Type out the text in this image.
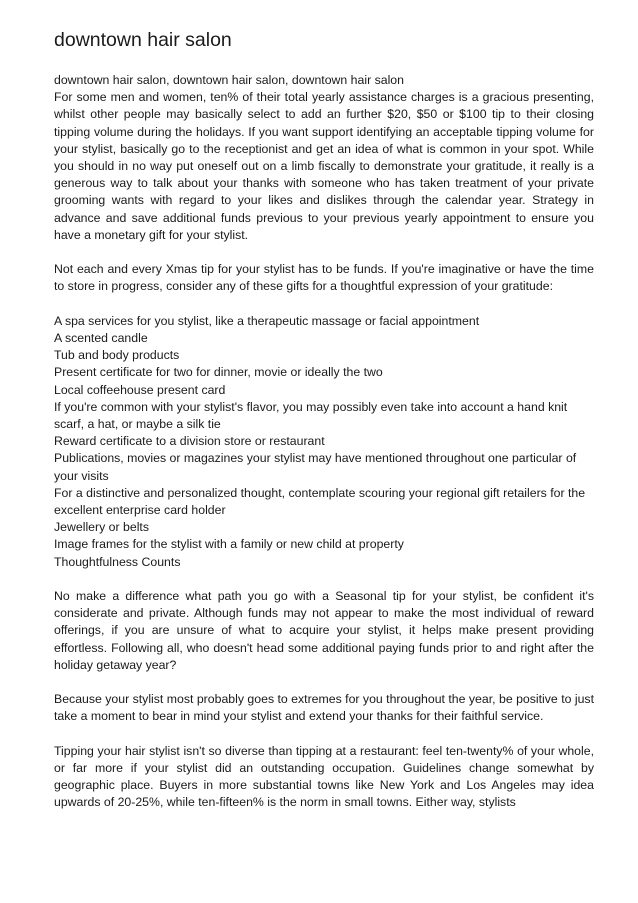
downtown hair salon
downtown hair salon, downtown hair salon, downtown hair salon
For some men and women, ten% of their total yearly assistance charges is a gracious presenting, whilst other people may basically select to add an further $20, $50 or $100 tip to their closing tipping volume during the holidays. If you want support identifying an acceptable tipping volume for your stylist, basically go to the receptionist and get an idea of what is common in your spot. While you should in no way put oneself out on a limb fiscally to demonstrate your gratitude, it really is a generous way to talk about your thanks with someone who has taken treatment of your private grooming wants with regard to your likes and dislikes through the calendar year. Strategy in advance and save additional funds previous to your previous yearly appointment to ensure you have a monetary gift for your stylist.

Not each and every Xmas tip for your stylist has to be funds. If you're imaginative or have the time to store in progress, consider any of these gifts for a thoughtful expression of your gratitude:

A spa services for you stylist, like a therapeutic massage or facial appointment
A scented candle
Tub and body products
Present certificate for two for dinner, movie or ideally the two
Local coffeehouse present card
If you're common with your stylist's flavor, you may possibly even take into account a hand knit scarf, a hat, or maybe a silk tie
Reward certificate to a division store or restaurant
Publications, movies or magazines your stylist may have mentioned throughout one particular of your visits
For a distinctive and personalized thought, contemplate scouring your regional gift retailers for the excellent enterprise card holder
Jewellery or belts
Image frames for the stylist with a family or new child at property
Thoughtfulness Counts

No make a difference what path you go with a Seasonal tip for your stylist, be confident it's considerate and private. Although funds may not appear to make the most individual of reward offerings, if you are unsure of what to acquire your stylist, it helps make present providing effortless. Following all, who doesn't head some additional paying funds prior to and right after the holiday getaway year?

Because your stylist most probably goes to extremes for you throughout the year, be positive to just take a moment to bear in mind your stylist and extend your thanks for their faithful service.

Tipping your hair stylist isn't so diverse than tipping at a restaurant: feel ten-twenty% of your whole, or far more if your stylist did an outstanding occupation. Guidelines change somewhat by geographic place. Buyers in more substantial towns like New York and Los Angeles may idea upwards of 20-25%, while ten-fifteen% is the norm in small towns. Either way, stylists
